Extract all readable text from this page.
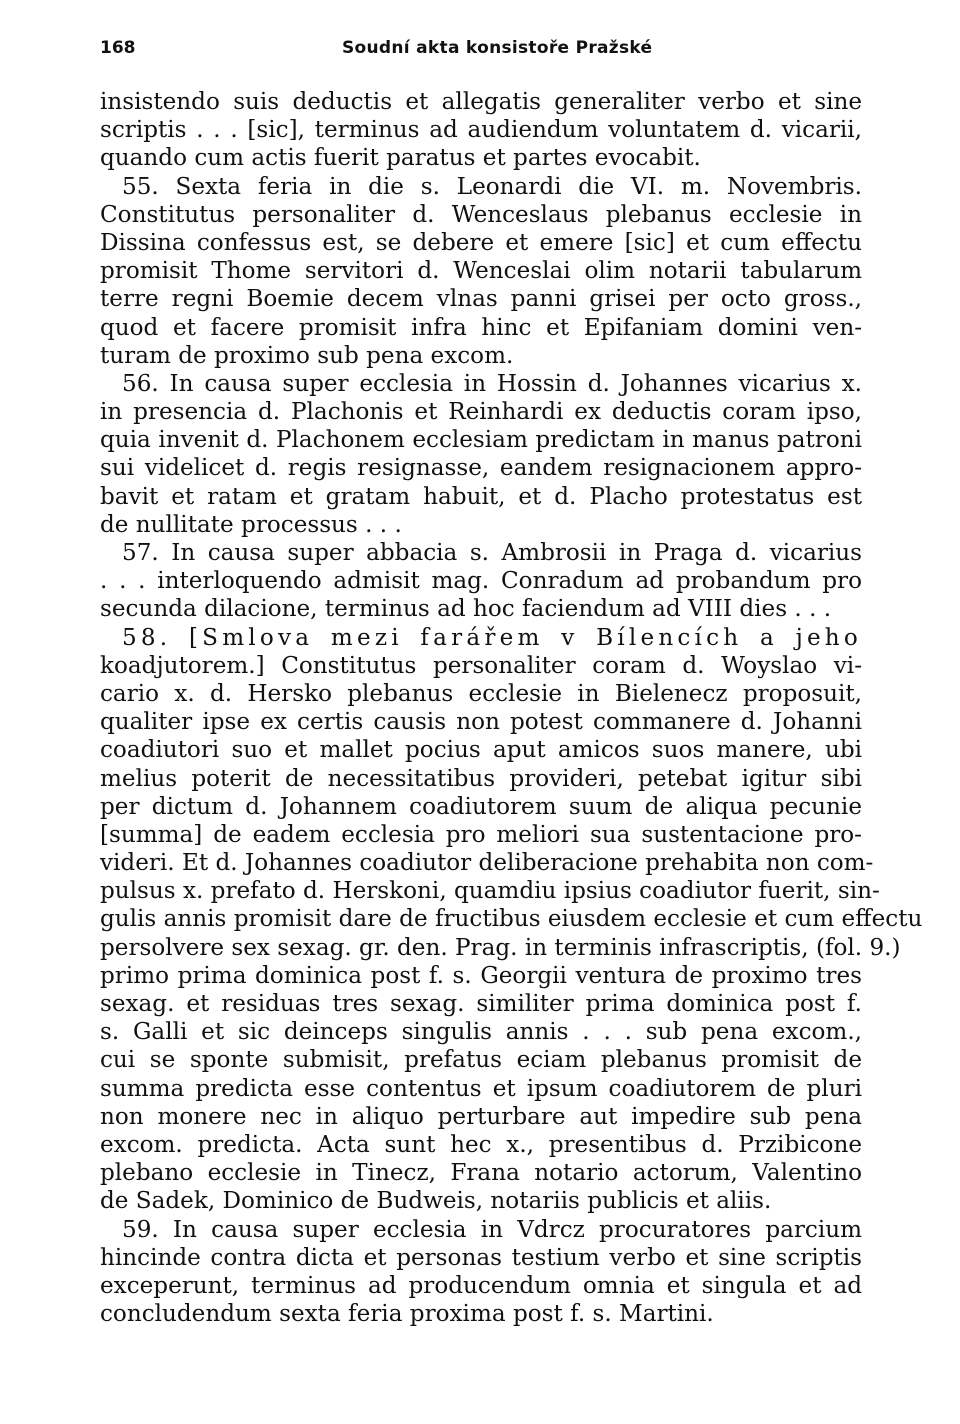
168	Soudní akta konsistoře Pražské
insistendo suis deductis et allegatis generaliter verbo et sine
scriptis . . . [sic], terminus ad audiendum voluntatem d. vicarii,
quando cum actis fuerit paratus et partes evocabit.
55. Sexta feria in die s. Leonardi die VI. m. Novembris.
Constitutus personaliter d. Wenceslaus plebanus ecclesie in
Dissina confessus est, se debere et emere [sic] et cum effectu
promisit Thome servitori d. Wenceslai olim notarii tabularum
terre regni Boemie decem vlnas panni grisei per octo gross.,
quod et facere promisit infra hinc et Epifaniam domini ven-
turam de proximo sub pena excom.
56. In causa super ecclesia in Hossin d. Johannes vicarius x.
in presencia d. Plachonis et Reinhardi ex deductis coram ipso,
quia invenit d. Plachonem ecclesiam predictam in manus patroni
sui videlicet d. regis resignasse, eandem resignacionem appro-
bavit et ratam et gratam habuit, et d. Placho protestatus est
de nullitate processus . . .
57. In causa super abbacia s. Ambrosii in Praga d. vicarius
. . . interloquendo admisit mag. Conradum ad probandum pro
secunda dilacione, terminus ad hoc faciendum ad VIII dies . . .
58. [Smlova mezi farářem v Bílencích a jeho
koadjutorem.] Constitutus personaliter coram d. Woyslao vi-
cario x. d. Hersko plebanus ecclesie in Bielenecz proposuit,
qualiter ipse ex certis causis non potest commanere d. Johanni
coadiutori suo et mallet pocius aput amicos suos manere, ubi
melius poterit de necessitatibus provideri, petebat igitur sibi
per dictum d. Johannem coadiutorem suum de aliqua pecunie
[summa] de eadem ecclesia pro meliori sua sustentacione pro-
videri. Et d. Johannes coadiutor deliberacione prehabita non com-
pulsus x. prefato d. Herskoni, quamdiu ipsius coadiutor fuerit, sin-
gulis annis promisit dare de fructibus eiusdem ecclesie et cum effectu
persolvere sex sexag. gr. den. Prag. in terminis infrascriptis, (fol. 9.)
primo prima dominica post f. s. Georgii ventura de proximo tres
sexag. et residuas tres sexag. similiter prima dominica post f.
s. Galli et sic deinceps singulis annis . . . sub pena excom.,
cui se sponte submisit, prefatus eciam plebanus promisit de
summa predicta esse contentus et ipsum coadiutorem de pluri
non monere nec in aliquo perturbare aut impedire sub pena
excom. predicta. Acta sunt hec x., presentibus d. Przibicone
plebano ecclesie in Tinecz, Frana notario actorum, Valentino
de Sadek, Dominico de Budweis, notariis publicis et aliis.
59. In causa super ecclesia in Vdrcz procuratores parcium
hincinde contra dicta et personas testium verbo et sine scriptis
exceperunt, terminus ad producendum omnia et singula et ad
concludendum sexta feria proxima post f. s. Martini.
